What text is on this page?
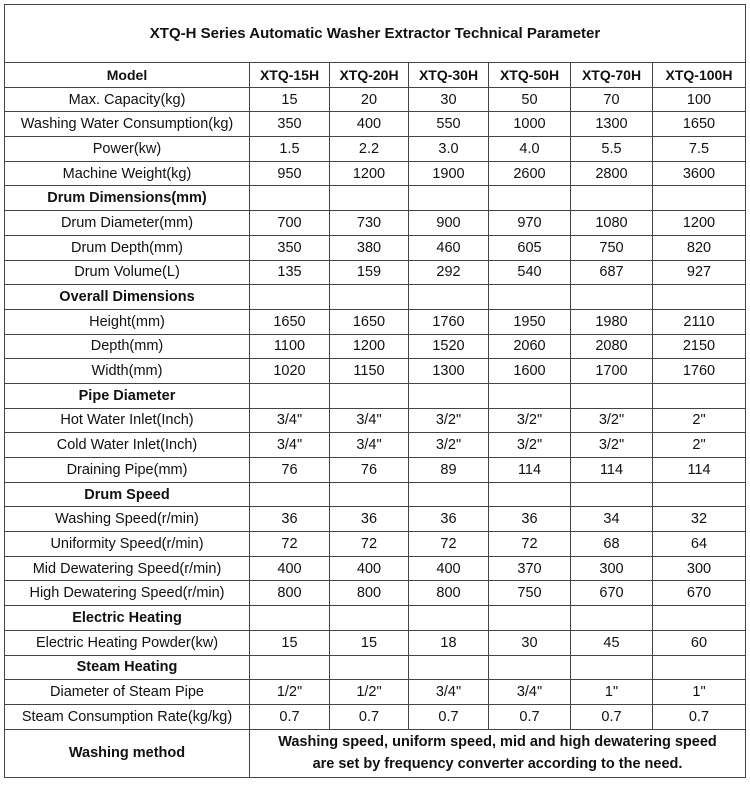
XTQ-H Series Automatic Washer Extractor Technical Parameter						
Model	XTQ-15H	XTQ-20H	XTQ-30H	XTQ-50H	XTQ-70H	XTQ-100H
Max. Capacity(kg)	15	20	30	50	70	100
Washing Water Consumption(kg)	350	400	550	1000	1300	1650
Power(kw)	1.5	2.2	3.0	4.0	5.5	7.5
Machine Weight(kg)	950	1200	1900	2600	2800	3600
Drum Dimensions(mm)						
Drum Diameter(mm)	700	730	900	970	1080	1200
Drum Depth(mm)	350	380	460	605	750	820
Drum Volume(L)	135	159	292	540	687	927
Overall Dimensions						
Height(mm)	1650	1650	1760	1950	1980	2110
Depth(mm)	1100	1200	1520	2060	2080	2150
Width(mm)	1020	1150	1300	1600	1700	1760
Pipe Diameter						
Hot Water Inlet(Inch)	3/4"	3/4"	3/2"	3/2"	3/2"	2"
Cold Water Inlet(Inch)	3/4"	3/4"	3/2"	3/2"	3/2"	2"
Draining Pipe(mm)	76	76	89	114	114	114
Drum Speed						
Washing Speed(r/min)	36	36	36	36	34	32
Uniformity Speed(r/min)	72	72	72	72	68	64
Mid Dewatering Speed(r/min)	400	400	400	370	300	300
High Dewatering Speed(r/min)	800	800	800	750	670	670
Electric Heating						
Electric Heating Powder(kw)	15	15	18	30	45	60
Steam Heating						
Diameter of Steam Pipe	1/2"	1/2"	3/4"	3/4"	1"	1"
Steam Consumption Rate(kg/kg)	0.7	0.7	0.7	0.7	0.7	0.7
Washing method	Washing speed, uniform speed, mid and high dewatering speed
are set by frequency converter according to the need.					
